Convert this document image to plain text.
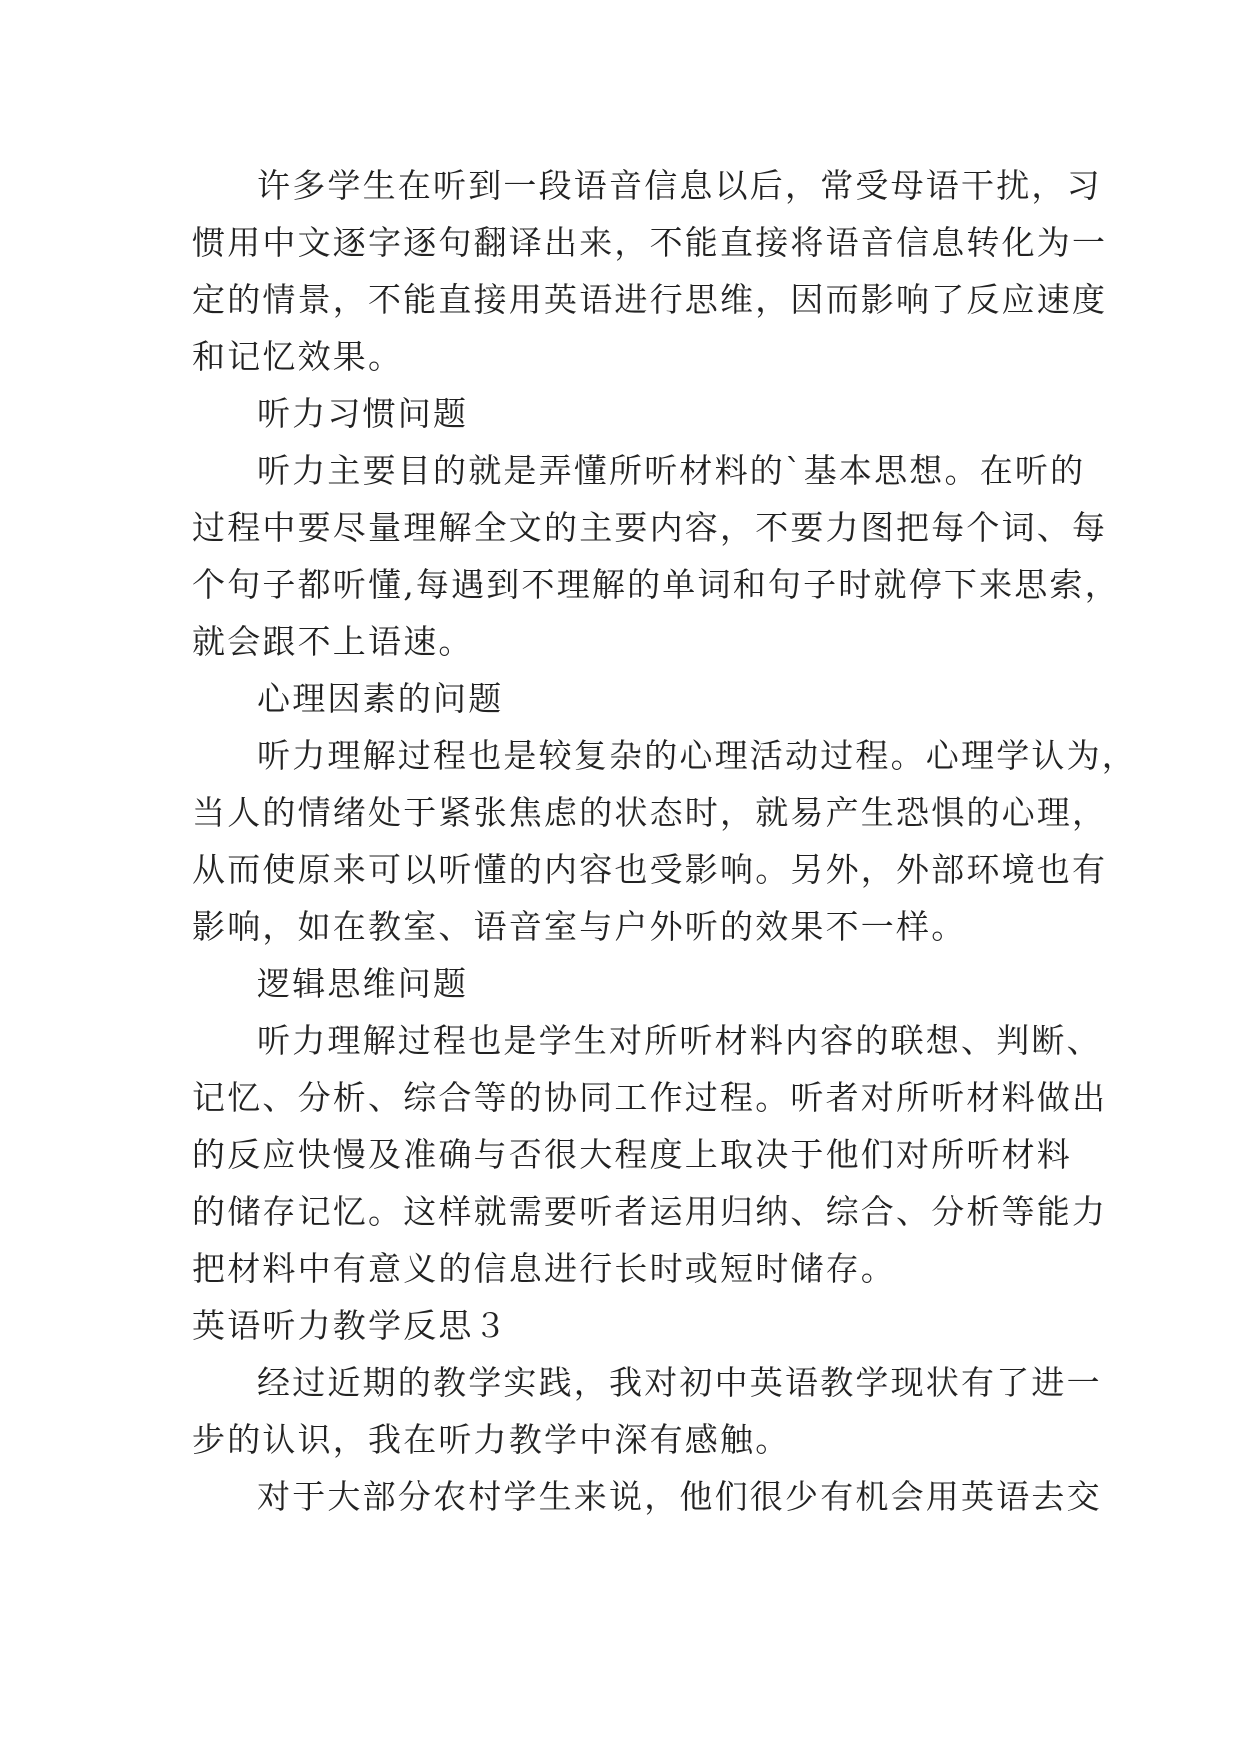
许多学生在听到一段语音信息以后，常受母语干扰，习
惯用中文逐字逐句翻译出来，不能直接将语音信息转化为一
定的情景，不能直接用英语进行思维，因而影响了反应速度
和记忆效果。
听力习惯问题
听力主要目的就是弄懂所听材料的`基本思想。在听的
过程中要尽量理解全文的主要内容，不要力图把每个词、每
个句子都听懂,每遇到不理解的单词和句子时就停下来思索，
就会跟不上语速。
心理因素的问题
听力理解过程也是较复杂的心理活动过程。心理学认为，
当人的情绪处于紧张焦虑的状态时，就易产生恐惧的心理，
从而使原来可以听懂的内容也受影响。另外，外部环境也有
影响，如在教室、语音室与户外听的效果不一样。
逻辑思维问题
听力理解过程也是学生对所听材料内容的联想、判断、
记忆、分析、综合等的协同工作过程。听者对所听材料做出
的反应快慢及准确与否很大程度上取决于他们对所听材料
的储存记忆。这样就需要听者运用归纳、综合、分析等能力
把材料中有意义的信息进行长时或短时储存。
英语听力教学反思３
经过近期的教学实践，我对初中英语教学现状有了进一
步的认识，我在听力教学中深有感触。
对于大部分农村学生来说，他们很少有机会用英语去交
